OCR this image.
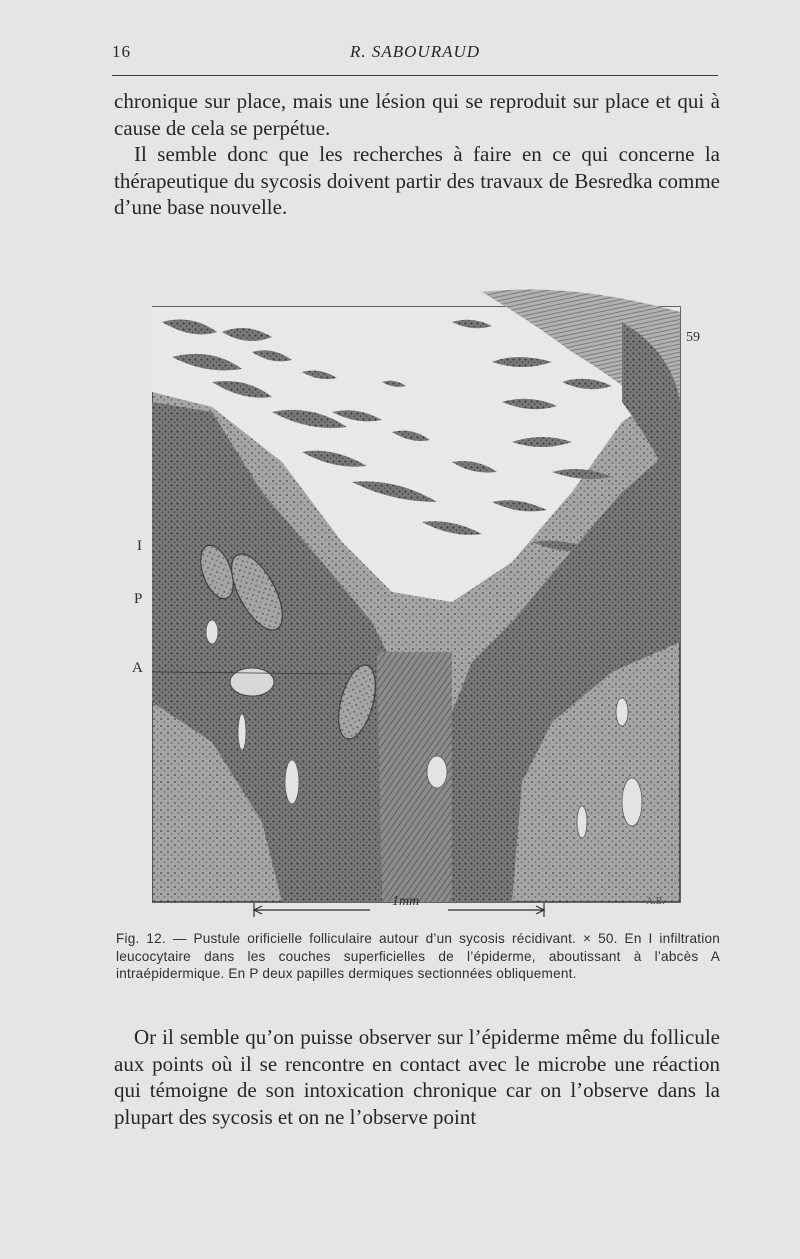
16	R. SABOURAUD

chronique sur place, mais une lésion qui se reproduit sur place et qui à cause de cela se perpétue.

Il semble donc que les recherches à faire en ce qui concerne la thérapeutique du sycosis doivent partir des travaux de Besredka comme d’une base nouvelle.

I
P
A
59
1mm	A.B.

Fig. 12. — Pustule orificielle folliculaire autour d’un sycosis récidivant. × 50. En I infiltration leucocytaire dans les couches superficielles de l’épiderme, aboutissant à l’abcès A intraépidermique. En P deux papilles dermiques sectionnées obliquement.

Or il semble qu’on puisse observer sur l’épiderme même du follicule aux points où il se rencontre en contact avec le microbe une réaction qui témoigne de son intoxication chronique car on l’observe dans la plupart des sycosis et on ne l’observe point
